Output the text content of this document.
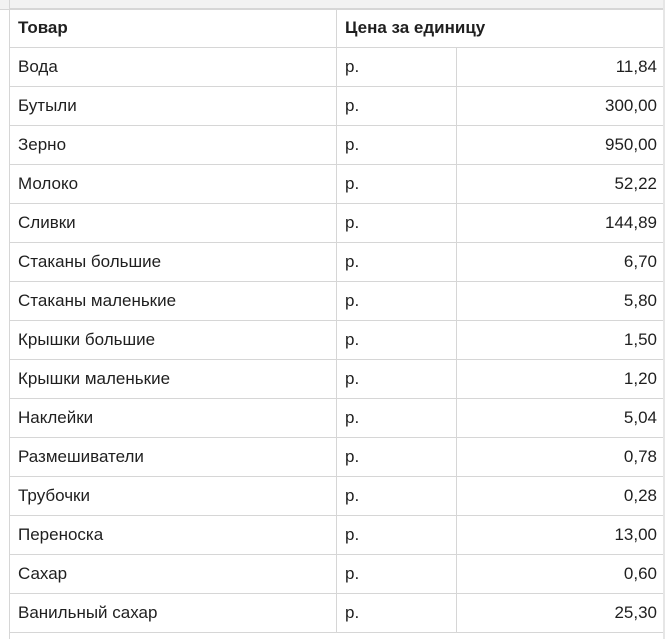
Товар	Цена за единицу	
Вода	р.	11,84
Бутыли	р.	300,00
Зерно	р.	950,00
Молоко	р.	52,22
Сливки	р.	144,89
Стаканы большие	р.	6,70
Стаканы маленькие	р.	5,80
Крышки большие	р.	1,50
Крышки маленькие	р.	1,20
Наклейки	р.	5,04
Размешиватели	р.	0,78
Трубочки	р.	0,28
Переноска	р.	13,00
Сахар	р.	0,60
Ванильный сахар	р.	25,30
